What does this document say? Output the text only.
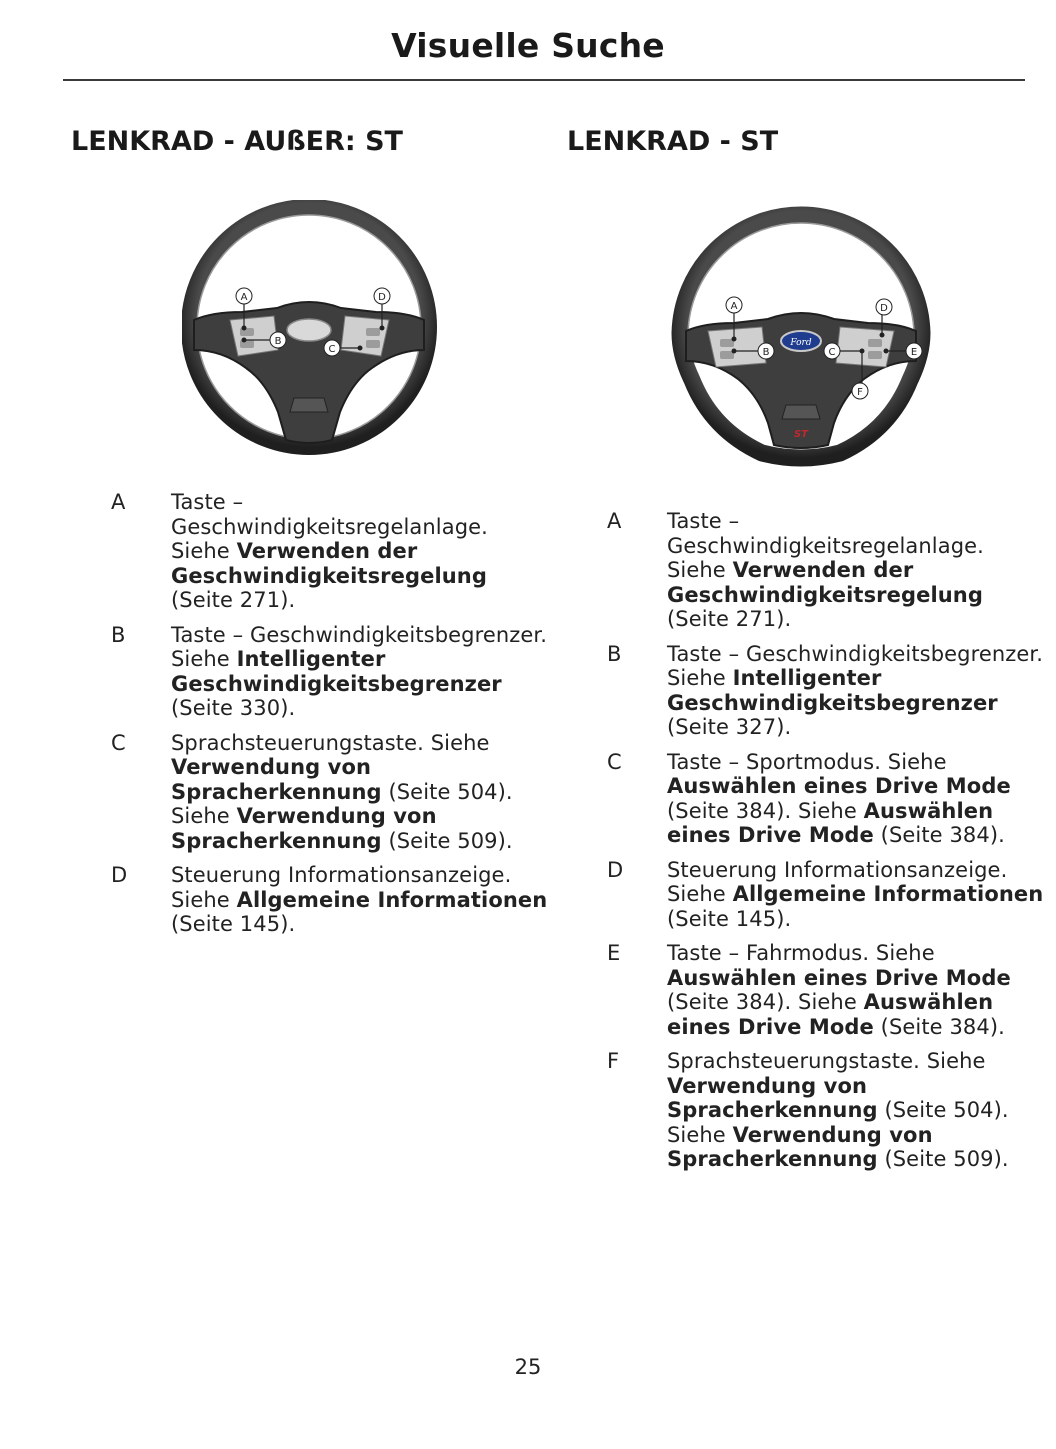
Visuelle Suche
LENKRAD - AUßER: ST	LENKRAD - ST
A
B
C
D
Ford
ST
A
B	C
D
E
F
A Taste – Geschwindigkeitsregelanlage. Siehe Verwenden der Geschwindigkeitsregelung (Seite 271).
B Taste – Geschwindigkeitsbegrenzer. Siehe Intelligenter Geschwindigkeitsbegrenzer (Seite 330).
C Sprachsteuerungstaste. Siehe Verwendung von Spracherkennung (Seite 504). Siehe Verwendung von Spracherkennung (Seite 509).
D Steuerung Informationsanzeige. Siehe Allgemeine Informationen (Seite 145).
A Taste – Geschwindigkeitsregelanlage. Siehe Verwenden der Geschwindigkeitsregelung (Seite 271).
B Taste – Geschwindigkeitsbegrenzer. Siehe Intelligenter Geschwindigkeitsbegrenzer (Seite 327).
C Taste – Sportmodus. Siehe Auswählen eines Drive Mode (Seite 384). Siehe Auswählen eines Drive Mode (Seite 384).
D Steuerung Informationsanzeige. Siehe Allgemeine Informationen (Seite 145).
E Taste – Fahrmodus. Siehe Auswählen eines Drive Mode (Seite 384). Siehe Auswählen eines Drive Mode (Seite 384).
F Sprachsteuerungstaste. Siehe Verwendung von Spracherkennung (Seite 504). Siehe Verwendung von Spracherkennung (Seite 509).
25
